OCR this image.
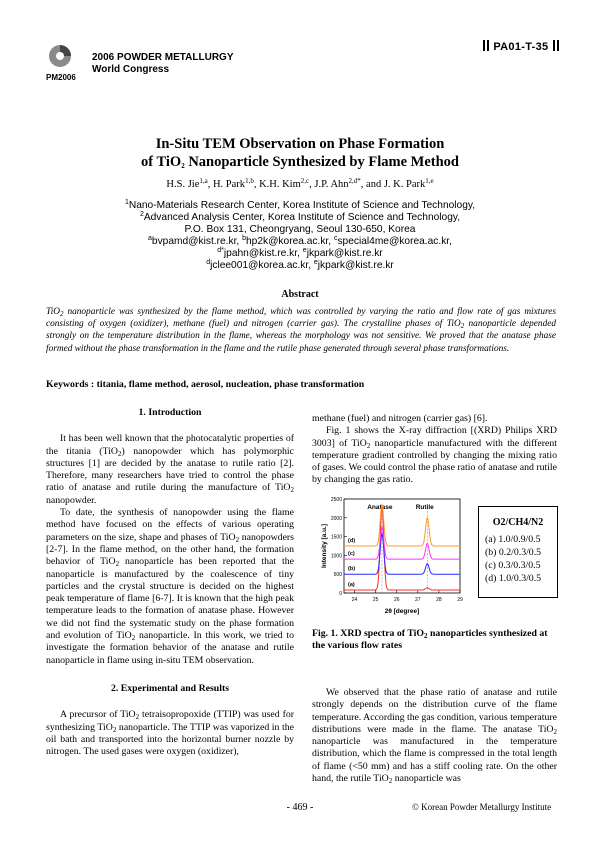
PM2006
2006 POWDER METALLURGY
World Congress
PA01-T-35
In-Situ TEM Observation on Phase Formation
of TiO$_2$ Nanoparticle Synthesized by Flame Method
H.S. Jie$^{1,a}$, H. Park$^{1,b}$, K.H. Kim$^{2,c}$, J.P. Ahn$^{2,d*}$, and J. K. Park$^{1,e}$
$^1$Nano-Materials Research Center, Korea Institute of Science and Technology,
$^2$Advanced Analysis Center, Korea Institute of Science and Technology,
P.O. Box 131, Cheongryang, Seoul 130-650, Korea
$^a$bvpamd@kist.re.kr, $^b$hp2k@korea.ac.kr, $^c$special4me@korea.ac.kr,
$^{d*}$jpahn@kist.re.kr, $^e$jkpark@kist.re.kr
$^d$jclee001@korea.ac.kr, $^e$jkpark@kist.re.kr
Abstract
TiO$_2$ nanoparticle was synthesized by the flame method, which was controlled by varying the ratio and flow rate of gas mixtures consisting of oxygen (oxidizer), methane (fuel) and nitrogen (carrier gas). The crystalline phases of TiO$_2$ nanoparticle depended strongly on the temperature distribution in the flame, whereas the morphology was not sensitive. We proved that the anatase phase formed without the phase transformation in the flame and the rutile phase generated through several phase transformations.
Keywords : titania, flame method, aerosol, nucleation, phase transformation
1. Introduction

It has been well known that the photocatalytic properties of the titania (TiO$_2$) nanopowder which has polymorphic structures [1] are decided by the anatase to rutile ratio [2]. Therefore, many researchers have tried to control the phase ratio of anatase and rutile during the manufacture of TiO$_2$ nanopowder.

To date, the synthesis of nanopowder using the flame method have focused on the effects of various operating parameters on the size, shape and phases of TiO$_2$ nanopowders [2-7]. In the flame method, on the other hand, the formation behavior of TiO$_2$ nanoparticle has been reported that the nanoparticle is manufactured by the coalescence of tiny particles and the crystal structure is decided on the highest peak temperature of flame [6-7]. It is known that the high peak temperature leads to the formation of anatase phase. However we did not find the systematic study on the phase formation and evolution of TiO$_2$ nanoparticle. In this work, we tried to investigate the formation behavior of the anatase and rutile nanoparticle in flame using in-situ TEM observation.

2. Experimental and Results

A precursor of TiO$_2$ tetraisopropoxide (TTIP) was used for synthesizing TiO$_2$ nanoparticle. The TTIP was vaporized in the oil bath and transported into the horizontal burner nozzle by nitrogen. The used gases were oxygen (oxidizer),

methane (fuel) and nitrogen (carrier gas) [6].

Fig. 1 shows the X-ray diffraction [(XRD) Philips XRD 3003] of TiO$_2$ nanoparticle manufactured with the different temperature gradient controlled by changing the mixing ratio of gases. We could control the phase ratio of anatase and rutile by changing the gas ratio.

0
500
1000
1500
2000
2500
24	25	26	27	28	29
2θ [degree]
Intensity [a.u.]
Anatase	Rutile
(a)
(b)
(c)
(d)
O2/CH4/N2
(a) 1.0/0.9/0.5
(b) 0.2/0.3/0.5
(c) 0.3/0.3/0.5
(d) 1.0/0.3/0.5
Fig. 1. XRD spectra of TiO$_2$ nanoparticles synthesized at the various flow rates

We observed that the phase ratio of anatase and rutile strongly depends on the distribution curve of the flame temperature. According the gas condition, various temperature distributions were made in the flame. The anatase TiO$_2$ nanoparticle was manufactured in the temperature distribution, which the flame is compressed in the total length of flame (<50 mm) and has a stiff cooling rate. On the other hand, the rutile TiO$_2$ nanoparticle was

- 469 -	© Korean Powder Metallurgy Institute
